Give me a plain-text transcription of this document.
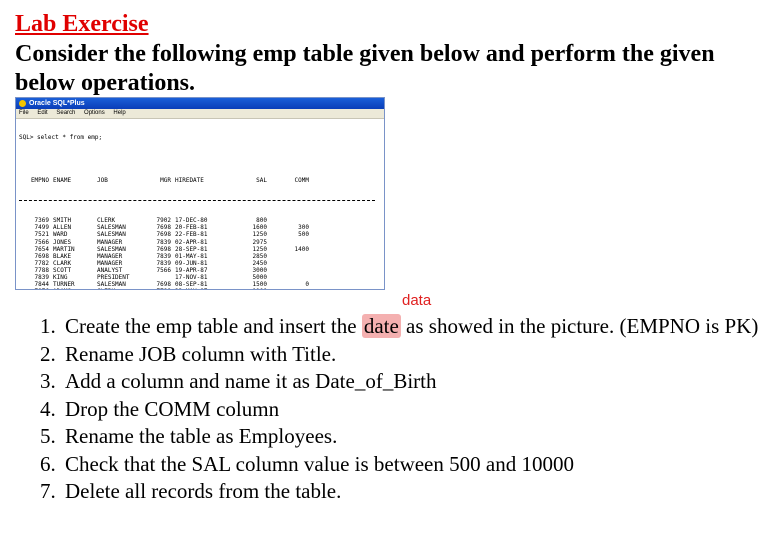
Lab Exercise
Consider the following emp table given below and perform the given below operations.
Oracle SQL*Plus
File Edit Search Options Help

SQL> select * from emp;

EMPNO ENAME	JOB	MGR HIREDATE	SAL	COMM

7369 SMITH	CLERK	7902 17-DEC-80	800
7499 ALLEN	SALESMAN	7698 20-FEB-81	1600	300
7521 WARD	SALESMAN	7698 22-FEB-81	1250	500
7566 JONES	MANAGER	7839 02-APR-81	2975
7654 MARTIN	SALESMAN	7698 28-SEP-81	1250	1400
7698 BLAKE	MANAGER	7839 01-MAY-81	2850
7782 CLARK	MANAGER	7839 09-JUN-81	2450
7788 SCOTT	ANALYST	7566 19-APR-87	3000
7839 KING	PRESIDENT	17-NOV-81	5000
7844 TURNER	SALESMAN	7698 08-SEP-81	1500	0

data
1. Create the emp table and insert the date as showed in the picture. (EMPNO is PK)
2. Rename JOB column with Title.
3. Add a column and name it as Date_of_Birth
4. Drop the COMM column
5. Rename the table as Employees.
6. Check that the SAL column value is between 500 and 10000
7. Delete all records from the table.
